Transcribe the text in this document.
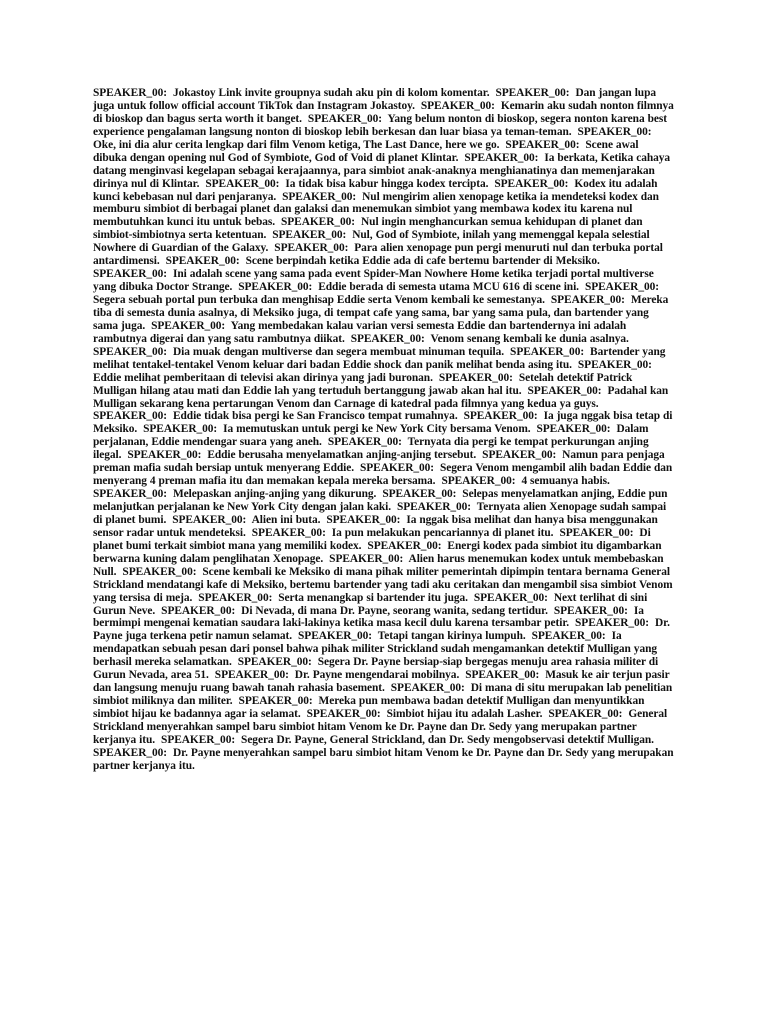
SPEAKER_00:  Jokastoy Link invite groupnya sudah aku pin di kolom komentar.  SPEAKER_00:  Dan jangan lupa juga untuk follow official account TikTok dan Instagram Jokastoy.  SPEAKER_00:  Kemarin aku sudah nonton filmnya di bioskop dan bagus serta worth it banget.  SPEAKER_00:  Yang belum nonton di bioskop, segera nonton karena best experience pengalaman langsung nonton di bioskop lebih berkesan dan luar biasa ya teman-teman.  SPEAKER_00:  Oke, ini dia alur cerita lengkap dari film Venom ketiga, The Last Dance, here we go.  SPEAKER_00:  Scene awal dibuka dengan opening nul God of Symbiote, God of Void di planet Klintar.  SPEAKER_00:  Ia berkata, Ketika cahaya datang menginvasi kegelapan sebagai kerajaannya, para simbiot anak-anaknya menghianatinya dan memenjarakan dirinya nul di Klintar.  SPEAKER_00:  Ia tidak bisa kabur hingga kodex tercipta.  SPEAKER_00:  Kodex itu adalah kunci kebebasan nul dari penjaranya.  SPEAKER_00:  Nul mengirim alien xenopage ketika ia mendeteksi kodex dan memburu simbiot di berbagai planet dan galaksi dan menemukan simbiot yang membawa kodex itu karena nul membutuhkan kunci itu untuk bebas.  SPEAKER_00:  Nul ingin menghancurkan semua kehidupan di planet dan simbiot-simbiotnya serta ketentuan.  SPEAKER_00:  Nul, God of Symbiote, inilah yang memenggal kepala selestial Nowhere di Guardian of the Galaxy.  SPEAKER_00:  Para alien xenopage pun pergi menuruti nul dan terbuka portal antardimensi.  SPEAKER_00:  Scene berpindah ketika Eddie ada di cafe bertemu bartender di Meksiko.  SPEAKER_00:  Ini adalah scene yang sama pada event Spider-Man Nowhere Home ketika terjadi portal multiverse yang dibuka Doctor Strange.  SPEAKER_00:  Eddie berada di semesta utama MCU 616 di scene ini.  SPEAKER_00:  Segera sebuah portal pun terbuka dan menghisap Eddie serta Venom kembali ke semestanya.  SPEAKER_00:  Mereka tiba di semesta dunia asalnya, di Meksiko juga, di tempat cafe yang sama, bar yang sama pula, dan bartender yang sama juga.  SPEAKER_00:  Yang membedakan kalau varian versi semesta Eddie dan bartendernya ini adalah rambutnya digerai dan yang satu rambutnya diikat.  SPEAKER_00:  Venom senang kembali ke dunia asalnya.  SPEAKER_00:  Dia muak dengan multiverse dan segera membuat minuman tequila.  SPEAKER_00:  Bartender yang melihat tentakel-tentakel Venom keluar dari badan Eddie shock dan panik melihat benda asing itu.  SPEAKER_00:  Eddie melihat pemberitaan di televisi akan dirinya yang jadi buronan.  SPEAKER_00:  Setelah detektif Patrick Mulligan hilang atau mati dan Eddie lah yang tertuduh bertanggung jawab akan hal itu.  SPEAKER_00:  Padahal kan Mulligan sekarang kena pertarungan Venom dan Carnage di katedral pada filmnya yang kedua ya guys.  SPEAKER_00:  Eddie tidak bisa pergi ke San Francisco tempat rumahnya.  SPEAKER_00:  Ia juga nggak bisa tetap di Meksiko.  SPEAKER_00:  Ia memutuskan untuk pergi ke New York City bersama Venom.  SPEAKER_00:  Dalam perjalanan, Eddie mendengar suara yang aneh.  SPEAKER_00:  Ternyata dia pergi ke tempat perkurungan anjing ilegal.  SPEAKER_00:  Eddie berusaha menyelamatkan anjing-anjing tersebut.  SPEAKER_00:  Namun para penjaga preman mafia sudah bersiap untuk menyerang Eddie.  SPEAKER_00:  Segera Venom mengambil alih badan Eddie dan menyerang 4 preman mafia itu dan memakan kepala mereka bersama.  SPEAKER_00:  4 semuanya habis.  SPEAKER_00:  Melepaskan anjing-anjing yang dikurung.  SPEAKER_00:  Selepas menyelamatkan anjing, Eddie pun melanjutkan perjalanan ke New York City dengan jalan kaki.  SPEAKER_00:  Ternyata alien Xenopage sudah sampai di planet bumi.  SPEAKER_00:  Alien ini buta.  SPEAKER_00:  Ia nggak bisa melihat dan hanya bisa menggunakan sensor radar untuk mendeteksi.  SPEAKER_00:  Ia pun melakukan pencariannya di planet itu.  SPEAKER_00:  Di planet bumi terkait simbiot mana yang memiliki kodex.  SPEAKER_00:  Energi kodex pada simbiot itu digambarkan berwarna kuning dalam penglihatan Xenopage.  SPEAKER_00:  Alien harus menemukan kodex untuk membebaskan Null.  SPEAKER_00:  Scene kembali ke Meksiko di mana pihak militer pemerintah dipimpin tentara bernama General Strickland mendatangi kafe di Meksiko, bertemu bartender yang tadi aku ceritakan dan mengambil sisa simbiot Venom yang tersisa di meja.  SPEAKER_00:  Serta menangkap si bartender itu juga.  SPEAKER_00:  Next terlihat di sini Gurun Neve.  SPEAKER_00:  Di Nevada, di mana Dr. Payne, seorang wanita, sedang tertidur.  SPEAKER_00:  Ia bermimpi mengenai kematian saudara laki-lakinya ketika masa kecil dulu karena tersambar petir.  SPEAKER_00:  Dr. Payne juga terkena petir namun selamat.  SPEAKER_00:  Tetapi tangan kirinya lumpuh.  SPEAKER_00:  Ia mendapatkan sebuah pesan dari ponsel bahwa pihak militer Strickland sudah mengamankan detektif Mulligan yang berhasil mereka selamatkan.  SPEAKER_00:  Segera Dr. Payne bersiap-siap bergegas menuju area rahasia militer di Gurun Nevada, area 51.  SPEAKER_00:  Dr. Payne mengendarai mobilnya.  SPEAKER_00:  Masuk ke air terjun pasir dan langsung menuju ruang bawah tanah rahasia basement.  SPEAKER_00:  Di mana di situ merupakan lab penelitian simbiot miliknya dan militer.  SPEAKER_00:  Mereka pun membawa badan detektif Mulligan dan menyuntikkan simbiot hijau ke badannya agar ia selamat.  SPEAKER_00:  Simbiot hijau itu adalah Lasher.  SPEAKER_00:  General Strickland menyerahkan sampel baru simbiot hitam Venom ke Dr. Payne dan Dr. Sedy yang merupakan partner kerjanya itu.  SPEAKER_00:  Segera Dr. Payne, General Strickland, dan Dr. Sedy mengobservasi detektif Mulligan.  SPEAKER_00:  Dr. Payne menyerahkan sampel baru simbiot hitam Venom ke Dr. Payne dan Dr. Sedy yang merupakan partner kerjanya itu.
